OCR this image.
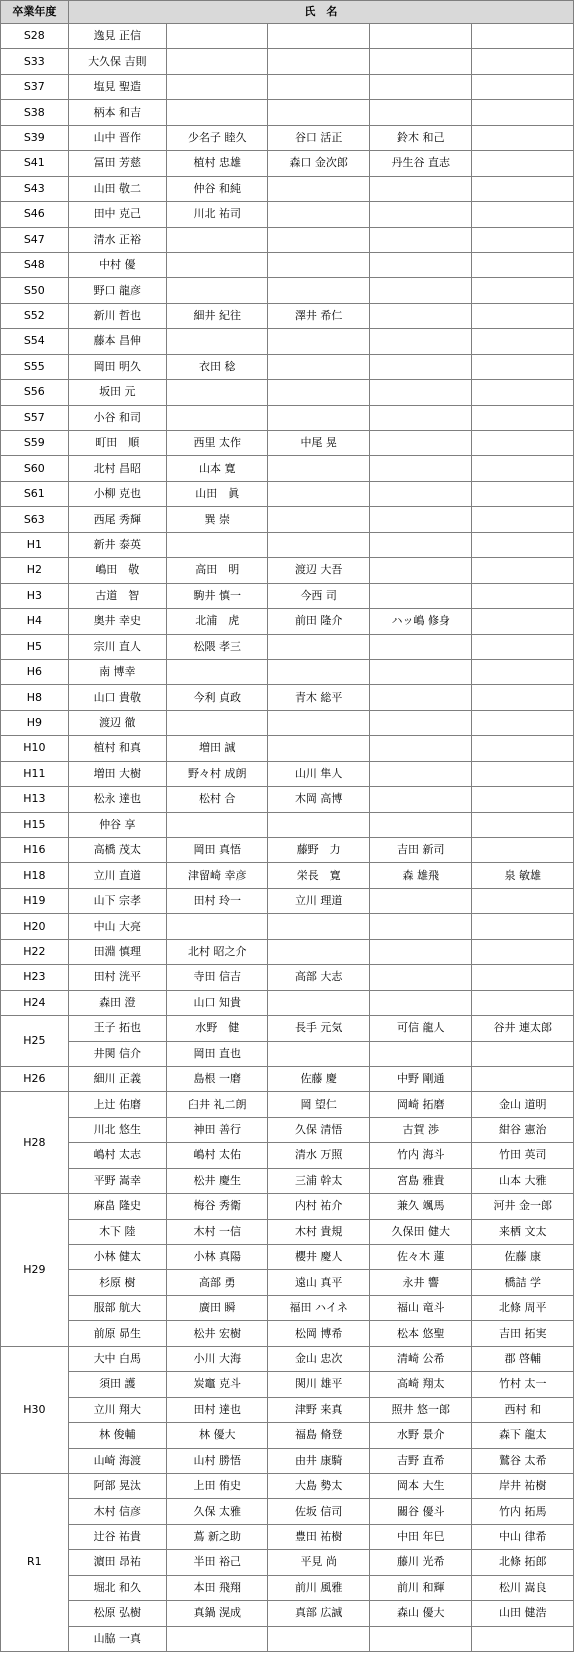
卒業年度	氏　名				
S28	逸見 正信				
S33	大久保 吉則				
S37	塩見 聖造				
S38	柄本 和吉				
S39	山中 晋作	少名子 睦久	谷口 活正	鈴木 和己	
S41	冨田 芳慈	植村 忠雄	森口 金次郎	丹生谷 直志	
S43	山田 敬二	仲谷 和純			
S46	田中 克己	川北 祐司			
S47	清水 正裕				
S48	中村 優				
S50	野口 龍彦				
S52	新川 哲也	細井 紀往	澤井 希仁		
S54	藤本 昌伸				
S55	岡田 明久	衣田 稔			
S56	坂田 元				
S57	小谷 和司				
S59	町田　順	西里 太作	中尾 晃		
S60	北村 昌昭	山本 寛			
S61	小柳 克也	山田　眞			
S63	西尾 秀輝	巽 崇			
H1	新井 泰英				
H2	嶋田　敬	高田　明	渡辺 大吾		
H3	古道　智	駒井 慎一	今西 司		
H4	奥井 幸史	北浦　虎	前田 隆介	ハッ嶋 修身	
H5	宗川 直人	松隈 孝三			
H6	南 博幸				
H8	山口 貴敬	今利 貞政	青木 総平		
H9	渡辺 徹				
H10	植村 和真	増田 誠			
H11	増田 大樹	野々村 成朗	山川 隼人		
H13	松永 達也	松村 合	木岡 高博		
H15	仲谷 享				
H16	高橋 茂太	岡田 真悟	藤野　力	吉田 新司	
H18	立川 直道	津留崎 幸彦	栄長　寛	森 雄飛	泉 敏雄
H19	山下 宗孝	田村 玲一	立川 理道		
H20	中山 大亮				
H22	田淵 慎理	北村 昭之介			
H23	田村 洸平	寺田 信吉	高部 大志		
H24	森田 澄	山口 知貴			
H25	王子 拓也	水野　健	長手 元気	可信 龍人	谷井 連太郎
	井関 信介	岡田 直也			
H26	細川 正義	島根 一磨	佐藤 慶	中野 剛通	
H28	上辻 佑磨	臼井 礼二朗	岡 望仁	岡崎 拓磨	金山 道明
	川北 悠生	神田 善行	久保 清悟	古賀 渉	紺谷 憲治
	嶋村 太志	嶋村 太佑	清水 万照	竹内 海斗	竹田 英司
	平野 嵩幸	松井 慶生	三浦 幹太	宮島 雅貴	山本 大雅
H29	麻畠 隆史	梅谷 秀衛	内村 祐介	兼久 颯馬	河井 金一郎
	木下 陸	木村 一信	木村 貴規	久保田 健大	来栖 文太
	小林 健太	小林 真陽	櫻井 慶人	佐々木 蓮	佐藤 康
	杉原 樹	高部 勇	遠山 真平	永井 響	橋詰 学
	服部 航大	廣田 瞬	福田 ハイネ	福山 竜斗	北條 周平
	前原 昴生	松井 宏樹	松岡 博希	松本 悠聖	吉田 拓実
H30	大中 白馬	小川 大海	金山 忠次	清崎 公希	郡 啓輔
	須田 護	炭竈 克斗	関川 雄平	高崎 翔太	竹村 太一
	立川 翔大	田村 達也	津野 来真	照井 悠一郎	西村 和
	林 俊輔	林 優大	福島 脩登	水野 景介	森下 龍太
	山崎 海渡	山村 勝悟	由井 康騎	吉野 直希	鷲谷 太希
R1	阿部 晃汰	上田 侑史	大島 勢太	岡本 大生	岸井 祐樹
	木村 信彦	久保 太雅	佐坂 信司	關谷 優斗	竹内 拓馬
	辻谷 祐貴	蔦 新之助	豊田 祐樹	中田 年巳	中山 律希
	濵田 昂祐	半田 裕己	平見 尚	藤川 光希	北條 拓郎
	堀北 和久	本田 飛翔	前川 風雅	前川 和輝	松川 嵩良
	松原 弘樹	真鍋 滉成	真部 広誠	森山 優大	山田 健浩
	山脇 一真				
